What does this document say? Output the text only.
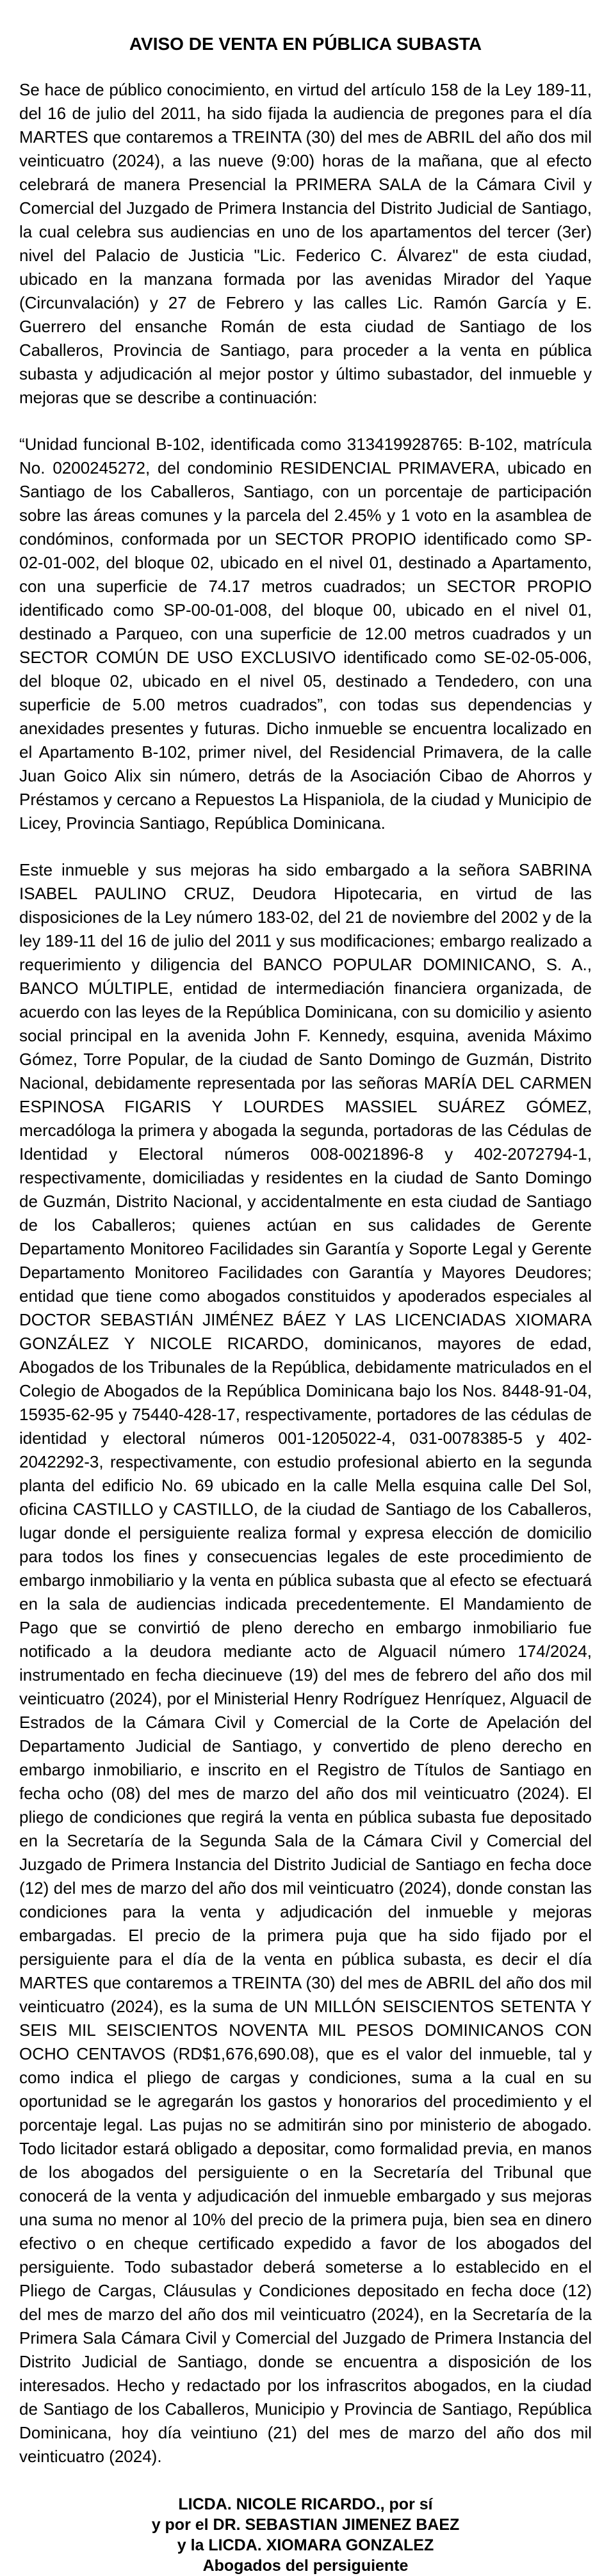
AVISO DE VENTA EN PÚBLICA SUBASTA

Se hace de público conocimiento, en virtud del artículo 158 de la Ley 189-11, del 16 de julio del 2011, ha sido fijada la audiencia de pregones para el día MARTES que contaremos a TREINTA (30) del mes de ABRIL del año dos mil veinticuatro (2024), a las nueve (9:00) horas de la mañana, que al efecto celebrará de manera Presencial la PRIMERA SALA de la Cámara Civil y Comercial del Juzgado de Primera Instancia del Distrito Judicial de Santiago, la cual celebra sus audiencias en uno de los apartamentos del tercer (3er) nivel del Palacio de Justicia "Lic. Federico C. Álvarez" de esta ciudad, ubicado en la manzana formada por las avenidas Mirador del Yaque (Circunvalación) y 27 de Febrero y las calles Lic. Ramón García y E. Guerrero del ensanche Román de esta ciudad de Santiago de los Caballeros, Provincia de Santiago, para proceder a la venta en pública subasta y adjudicación al mejor postor y último subastador, del inmueble y mejoras que se describe a continuación:

“Unidad funcional B-102, identificada como 313419928765: B-102, matrícula No. 0200245272, del condominio RESIDENCIAL PRIMAVERA, ubicado en Santiago de los Caballeros, Santiago, con un porcentaje de participación sobre las áreas comunes y la parcela del 2.45% y 1 voto en la asamblea de condóminos, conformada por un SECTOR PROPIO identificado como SP-02-01-002, del bloque 02, ubicado en el nivel 01, destinado a Apartamento, con una superficie de 74.17 metros cuadrados; un SECTOR PROPIO identificado como SP-00-01-008, del bloque 00, ubicado en el nivel 01, destinado a Parqueo, con una superficie de 12.00 metros cuadrados y un SECTOR COMÚN DE USO EXCLUSIVO identificado como SE-02-05-006, del bloque 02, ubicado en el nivel 05, destinado a Tendedero, con una superficie de 5.00 metros cuadrados”, con todas sus dependencias y anexidades presentes y futuras. Dicho inmueble se encuentra localizado en el Apartamento B-102, primer nivel, del Residencial Primavera, de la calle Juan Goico Alix sin número, detrás de la Asociación Cibao de Ahorros y Préstamos y cercano a Repuestos La Hispaniola, de la ciudad y Municipio de Licey, Provincia Santiago, República Dominicana.

Este inmueble y sus mejoras ha sido embargado a la señora SABRINA ISABEL PAULINO CRUZ, Deudora Hipotecaria, en virtud de las disposiciones de la Ley número 183-02, del 21 de noviembre del 2002 y de la ley 189-11 del 16 de julio del 2011 y sus modificaciones; embargo realizado a requerimiento y diligencia del BANCO POPULAR DOMINICANO, S. A., BANCO MÚLTIPLE, entidad de intermediación financiera organizada, de acuerdo con las leyes de la República Dominicana, con su domicilio y asiento social principal en la avenida John F. Kennedy, esquina, avenida Máximo Gómez, Torre Popular, de la ciudad de Santo Domingo de Guzmán, Distrito Nacional, debidamente representada por las señoras MARÍA DEL CARMEN ESPINOSA FIGARIS Y LOURDES MASSIEL SUÁREZ GÓMEZ, mercadóloga la primera y abogada la segunda, portadoras de las Cédulas de Identidad y Electoral números 008-0021896-8 y 402-2072794-1, respectivamente, domiciliadas y residentes en la ciudad de Santo Domingo de Guzmán, Distrito Nacional, y accidentalmente en esta ciudad de Santiago de los Caballeros; quienes actúan en sus calidades de Gerente Departamento Monitoreo Facilidades sin Garantía y Soporte Legal y Gerente Departamento Monitoreo Facilidades con Garantía y Mayores Deudores; entidad que tiene como abogados constituidos y apoderados especiales al DOCTOR SEBASTIÁN JIMÉNEZ BÁEZ Y LAS LICENCIADAS XIOMARA GONZÁLEZ Y NICOLE RICARDO, dominicanos, mayores de edad, Abogados de los Tribunales de la República, debidamente matriculados en el Colegio de Abogados de la República Dominicana bajo los Nos. 8448-91-04, 15935-62-95 y 75440-428-17, respectivamente, portadores de las cédulas de identidad y electoral números 001-1205022-4, 031-0078385-5 y 402-2042292-3, respectivamente, con estudio profesional abierto en la segunda planta del edificio No. 69 ubicado en la calle Mella esquina calle Del Sol, oficina CASTILLO y CASTILLO, de la ciudad de Santiago de los Caballeros, lugar donde el persiguiente realiza formal y expresa elección de domicilio para todos los fines y consecuencias legales de este procedimiento de embargo inmobiliario y la venta en pública subasta que al efecto se efectuará en la sala de audiencias indicada precedentemente. El Mandamiento de Pago que se convirtió de pleno derecho en embargo inmobiliario fue notificado a la deudora mediante acto de Alguacil número 174/2024, instrumentado en fecha diecinueve (19) del mes de febrero del año dos mil veinticuatro (2024), por el Ministerial Henry Rodríguez Henríquez, Alguacil de Estrados de la Cámara Civil y Comercial de la Corte de Apelación del Departamento Judicial de Santiago, y convertido de pleno derecho en embargo inmobiliario, e inscrito en el Registro de Títulos de Santiago en fecha ocho (08) del mes de marzo del año dos mil veinticuatro (2024). El pliego de condiciones que regirá la venta en pública subasta fue depositado en la Secretaría de la Segunda Sala de la Cámara Civil y Comercial del Juzgado de Primera Instancia del Distrito Judicial de Santiago en fecha doce (12) del mes de marzo del año dos mil veinticuatro (2024), donde constan las condiciones para la venta y adjudicación del inmueble y mejoras embargadas. El precio de la primera puja que ha sido fijado por el persiguiente para el día de la venta en pública subasta, es decir el día MARTES que contaremos a TREINTA (30) del mes de ABRIL del año dos mil veinticuatro (2024), es la suma de UN MILLÓN SEISCIENTOS SETENTA Y SEIS MIL SEISCIENTOS NOVENTA MIL PESOS DOMINICANOS CON OCHO CENTAVOS (RD$1,676,690.08), que es el valor del inmueble, tal y como indica el pliego de cargas y condiciones, suma a la cual en su oportunidad se le agregarán los gastos y honorarios del procedimiento y el porcentaje legal. Las pujas no se admitirán sino por ministerio de abogado. Todo licitador estará obligado a depositar, como formalidad previa, en manos de los abogados del persiguiente o en la Secretaría del Tribunal que conocerá de la venta y adjudicación del inmueble embargado y sus mejoras una suma no menor al 10% del precio de la primera puja, bien sea en dinero efectivo o en cheque certificado expedido a favor de los abogados del persiguiente. Todo subastador deberá someterse a lo establecido en el Pliego de Cargas, Cláusulas y Condiciones depositado en fecha doce (12) del mes de marzo del año dos mil veinticuatro (2024), en la Secretaría de la Primera Sala Cámara Civil y Comercial del Juzgado de Primera Instancia del Distrito Judicial de Santiago, donde se encuentra a disposición de los interesados. Hecho y redactado por los infrascritos abogados, en la ciudad de Santiago de los Caballeros, Municipio y Provincia de Santiago, República Dominicana, hoy día veintiuno (21) del mes de marzo del año dos mil veinticuatro (2024).

LICDA. NICOLE RICARDO., por sí
y por el DR. SEBASTIAN JIMENEZ BAEZ
y la LICDA. XIOMARA GONZALEZ
Abogados del persiguiente
